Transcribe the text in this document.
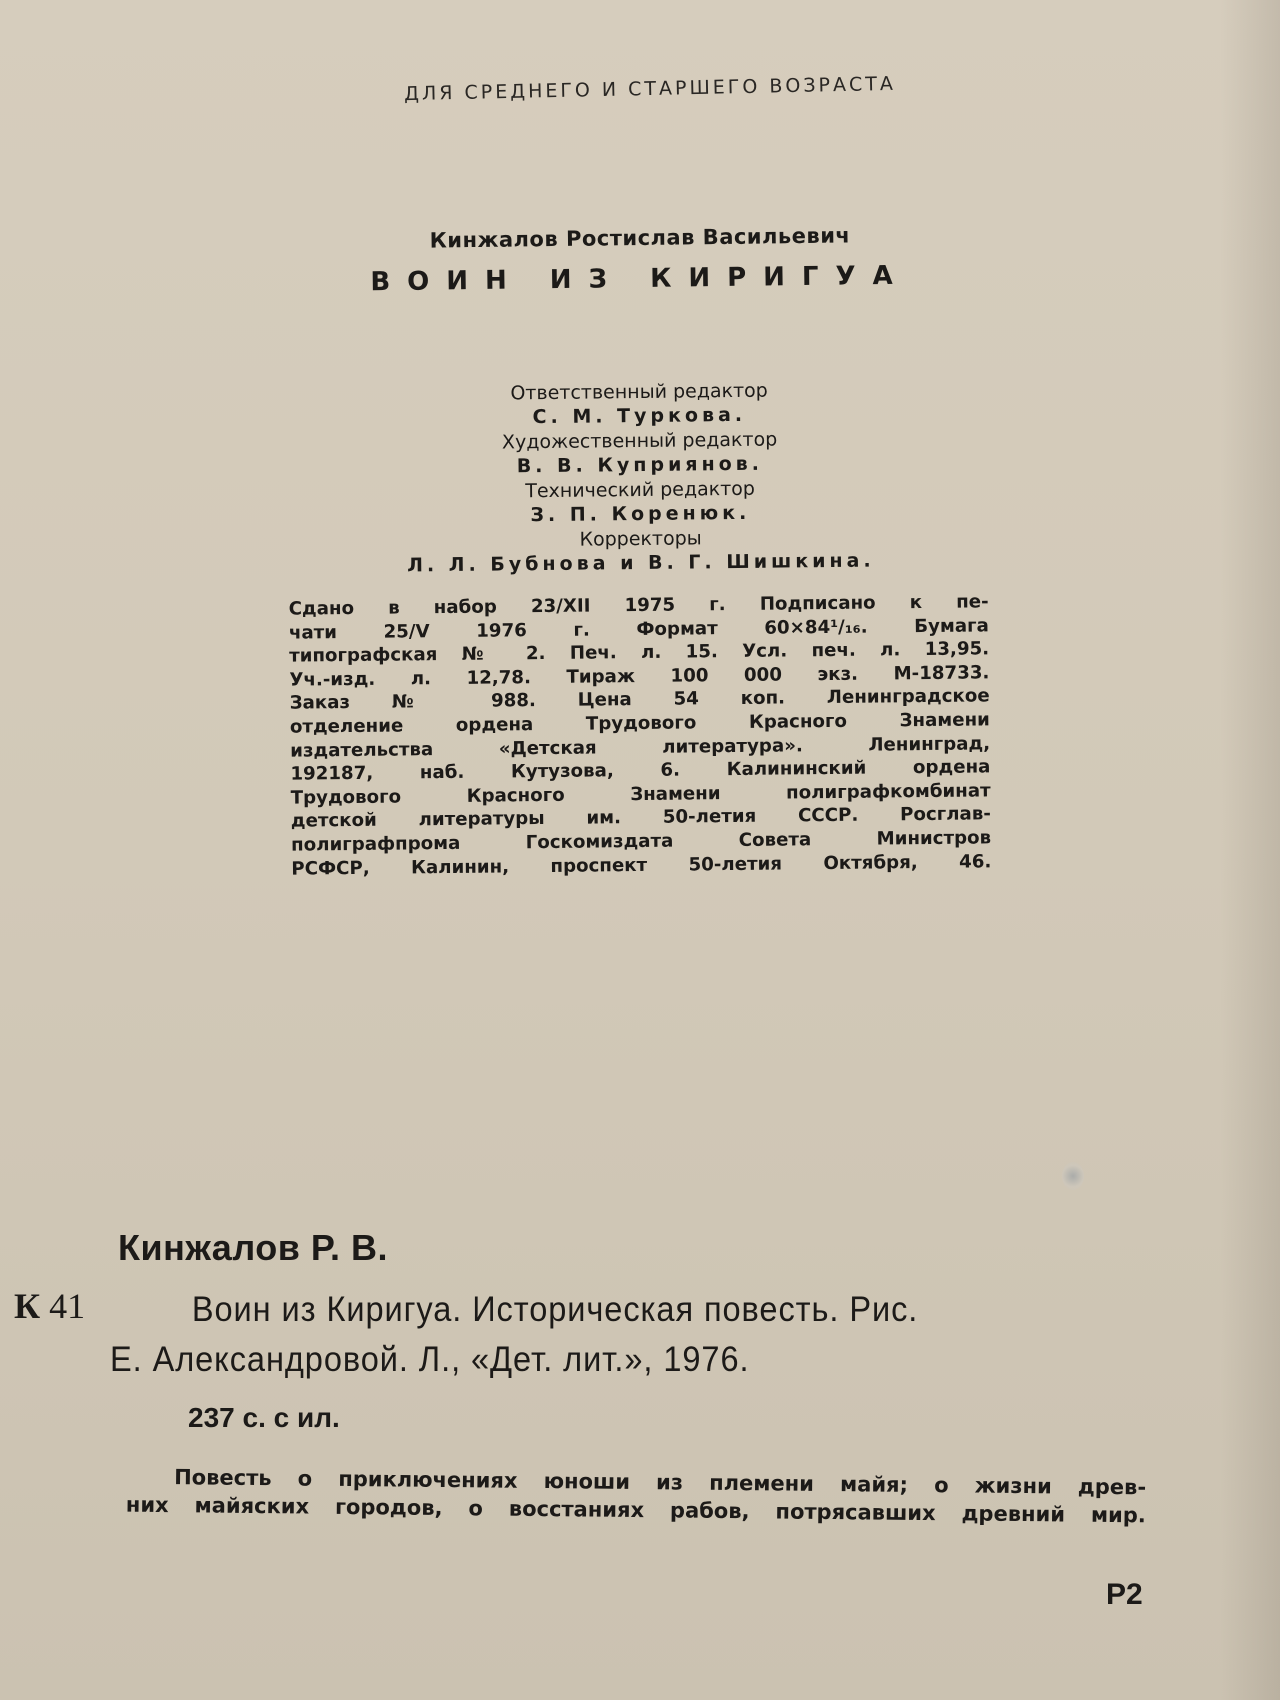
ДЛЯ СРЕДНЕГО И СТАРШЕГО ВОЗРАСТА
Кинжалов Ростислав Васильевич
ВОИН ИЗ КИРИГУА
Ответственный редактор
С. М. Туркова.
Художественный редактор
В. В. Куприянов.
Технический редактор
З. П. Коренюк.
Корректоры
Л. Л. Бубнова и В. Г. Шишкина.
Сдано в набор 23/XII 1975 г. Подписано к пе-
чати 25/V 1976 г. Формат 60×84¹/₁₆. Бумага
типографская № 2. Печ. л. 15. Усл. печ. л. 13,95.
Уч.-изд. л. 12,78. Тираж 100 000 экз. М-18733.
Заказ № 988. Цена 54 коп. Ленинградское
отделение ордена Трудового Красного Знамени
издательства «Детская литература». Ленинград,
192187, наб. Кутузова, 6. Калининский ордена
Трудового Красного Знамени полиграфкомбинат
детской литературы им. 50-летия СССР. Росглав-
полиграфпрома Госкомиздата Совета Министров
РСФСР, Калинин, проспект 50-летия Октября, 46.
Кинжалов Р. В.
К 41	Воин из Киригуа. Историческая повесть. Рис.
Е. Александровой. Л., «Дет. лит.», 1976.
237 с. с ил.
Повесть о приключениях юноши из племени майя; о жизни древ-
них майяских городов, о восстаниях рабов, потрясавших древний мир.
Р2
